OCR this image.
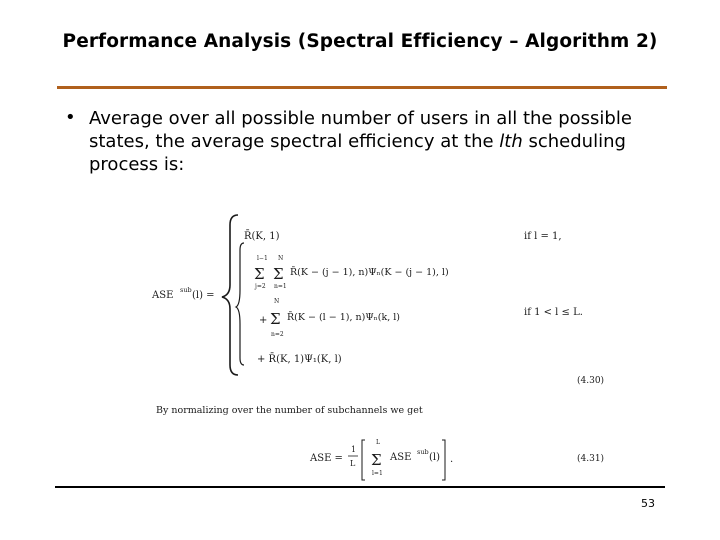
Performance Analysis (Spectral Efficiency – Algorithm 2)
• Average over all possible number of users in all the possible states, the average spectral efficiency at the lth scheduling process is:
ASE sub (l) =
R̄(K, 1)	if l = 1,
l−1
Σ
j=2
N
Σ
n=1
R̄(K − (j − 1), n)Ψₙ(K − (j − 1), l)
+
N
Σ
n=2
R̄(K − (l − 1), n)Ψₙ(k, l)	if 1 < l ≤ L.
+ R̄(K, 1)Ψ₁(K, l)
(4.30)
By normalizing over the number of subchannels we get
ASE =
1
L
L
Σ
l=1
ASE sub (l) .	(4.31)
53
